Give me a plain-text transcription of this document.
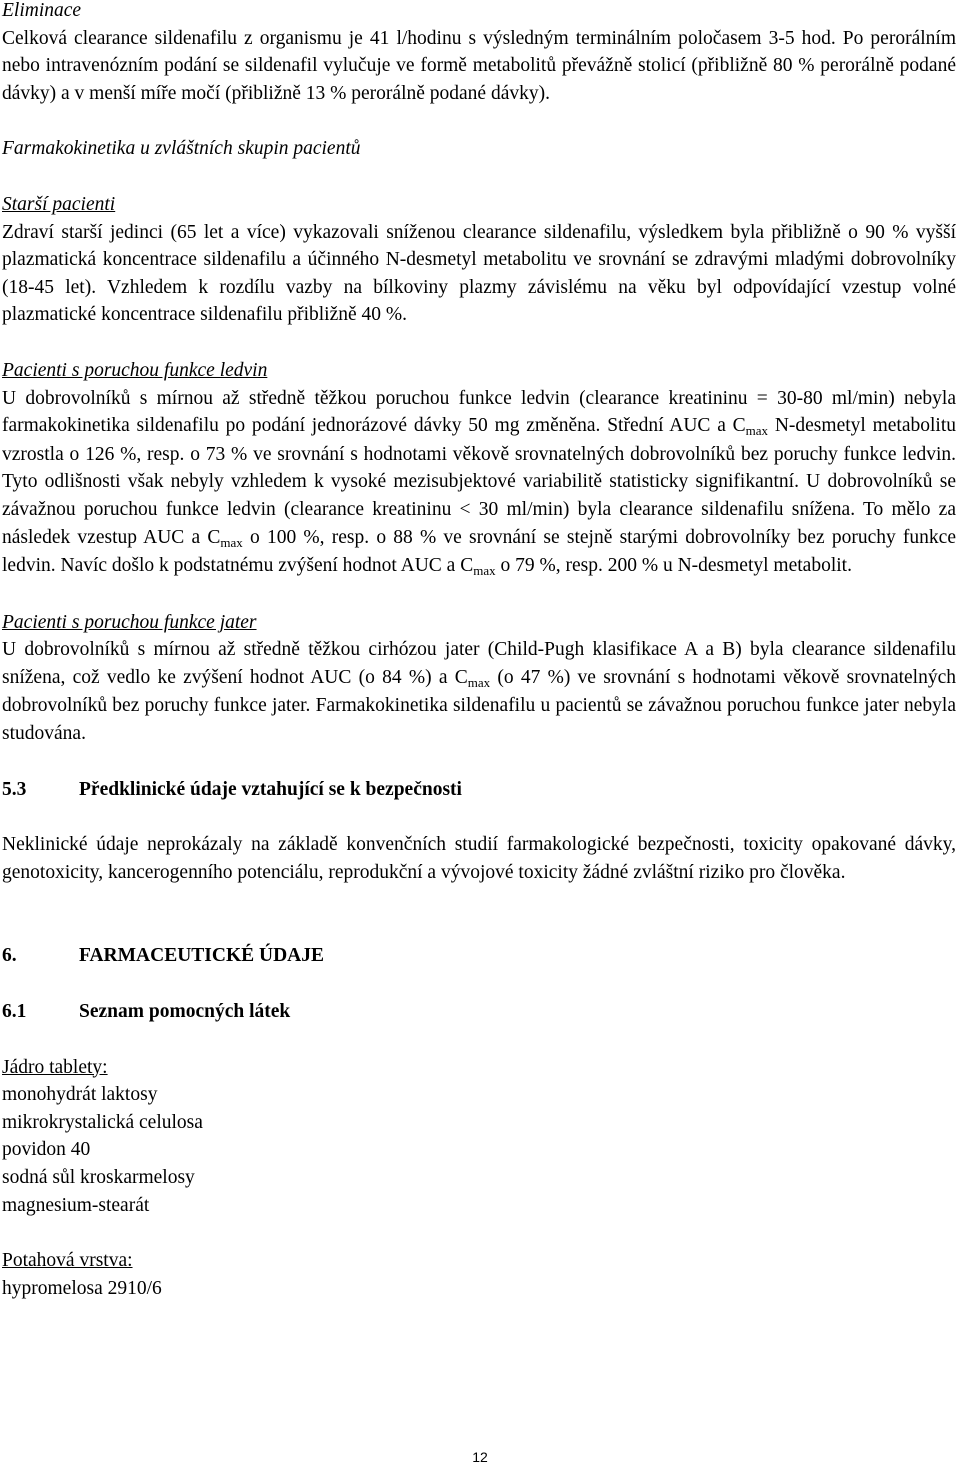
Eliminace

Celková clearance sildenafilu z organismu je 41 l/hodinu s výsledným terminálním poločasem 3-5 hod. Po perorálním nebo intravenózním podání se sildenafil vylučuje ve formě metabolitů převážně stolicí (přibližně 80 % perorálně podané dávky) a v menší míře močí (přibližně 13 % perorálně podané dávky).

Farmakokinetika u zvláštních skupin pacientů

Starší pacienti

Zdraví starší jedinci (65 let a více) vykazovali sníženou clearance sildenafilu, výsledkem byla přibližně o 90 % vyšší plazmatická koncentrace sildenafilu a účinného N-desmetyl metabolitu ve srovnání se zdravými mladými dobrovolníky (18-45 let). Vzhledem k rozdílu vazby na bílkoviny plazmy závislému na věku byl odpovídající vzestup volné plazmatické koncentrace sildenafilu přibližně 40 %.

Pacienti s poruchou funkce ledvin

U dobrovolníků s mírnou až středně těžkou poruchou funkce ledvin (clearance kreatininu = 30-80 ml/min) nebyla farmakokinetika sildenafilu po podání jednorázové dávky 50 mg změněna. Střední AUC a $C_{max}$ N-desmetyl metabolitu vzrostla o 126 %, resp. o 73 % ve srovnání s hodnotami věkově srovnatelných dobrovolníků bez poruchy funkce ledvin. Tyto odlišnosti však nebyly vzhledem k vysoké mezisubjektové variabilitě statisticky signifikantní. U dobrovolníků se závažnou poruchou funkce ledvin (clearance kreatininu < 30 ml/min) byla clearance sildenafilu snížena. To mělo za následek vzestup AUC a $C_{max}$ o 100 %, resp. o 88 % ve srovnání se stejně starými dobrovolníky bez poruchy funkce ledvin. Navíc došlo k podstatnému zvýšení hodnot AUC a $C_{max}$ o 79 %, resp. 200 % u N-desmetyl metabolit.

Pacienti s poruchou funkce jater

U dobrovolníků s mírnou až středně těžkou cirhózou jater (Child-Pugh klasifikace A a B) byla clearance sildenafilu snížena, což vedlo ke zvýšení hodnot AUC (o 84 %) a $C_{max}$ (o 47 %) ve srovnání s hodnotami věkově srovnatelných dobrovolníků bez poruchy funkce jater. Farmakokinetika sildenafilu u pacientů se závažnou poruchou funkce jater nebyla studována.

5.3	Předklinické údaje vztahující se k bezpečnosti

Neklinické údaje neprokázaly na základě konvenčních studií farmakologické bezpečnosti, toxicity opakované dávky, genotoxicity, kancerogenního potenciálu, reprodukční a vývojové toxicity žádné zvláštní riziko pro člověka.

6.	FARMACEUTICKÉ ÚDAJE
6.1	Seznam pomocných látek

Jádro tablety:

monohydrát laktosy

mikrokrystalická celulosa

povidon 40

sodná sůl kroskarmelosy

magnesium-stearát

Potahová vrstva:

hypromelosa 2910/6

12
